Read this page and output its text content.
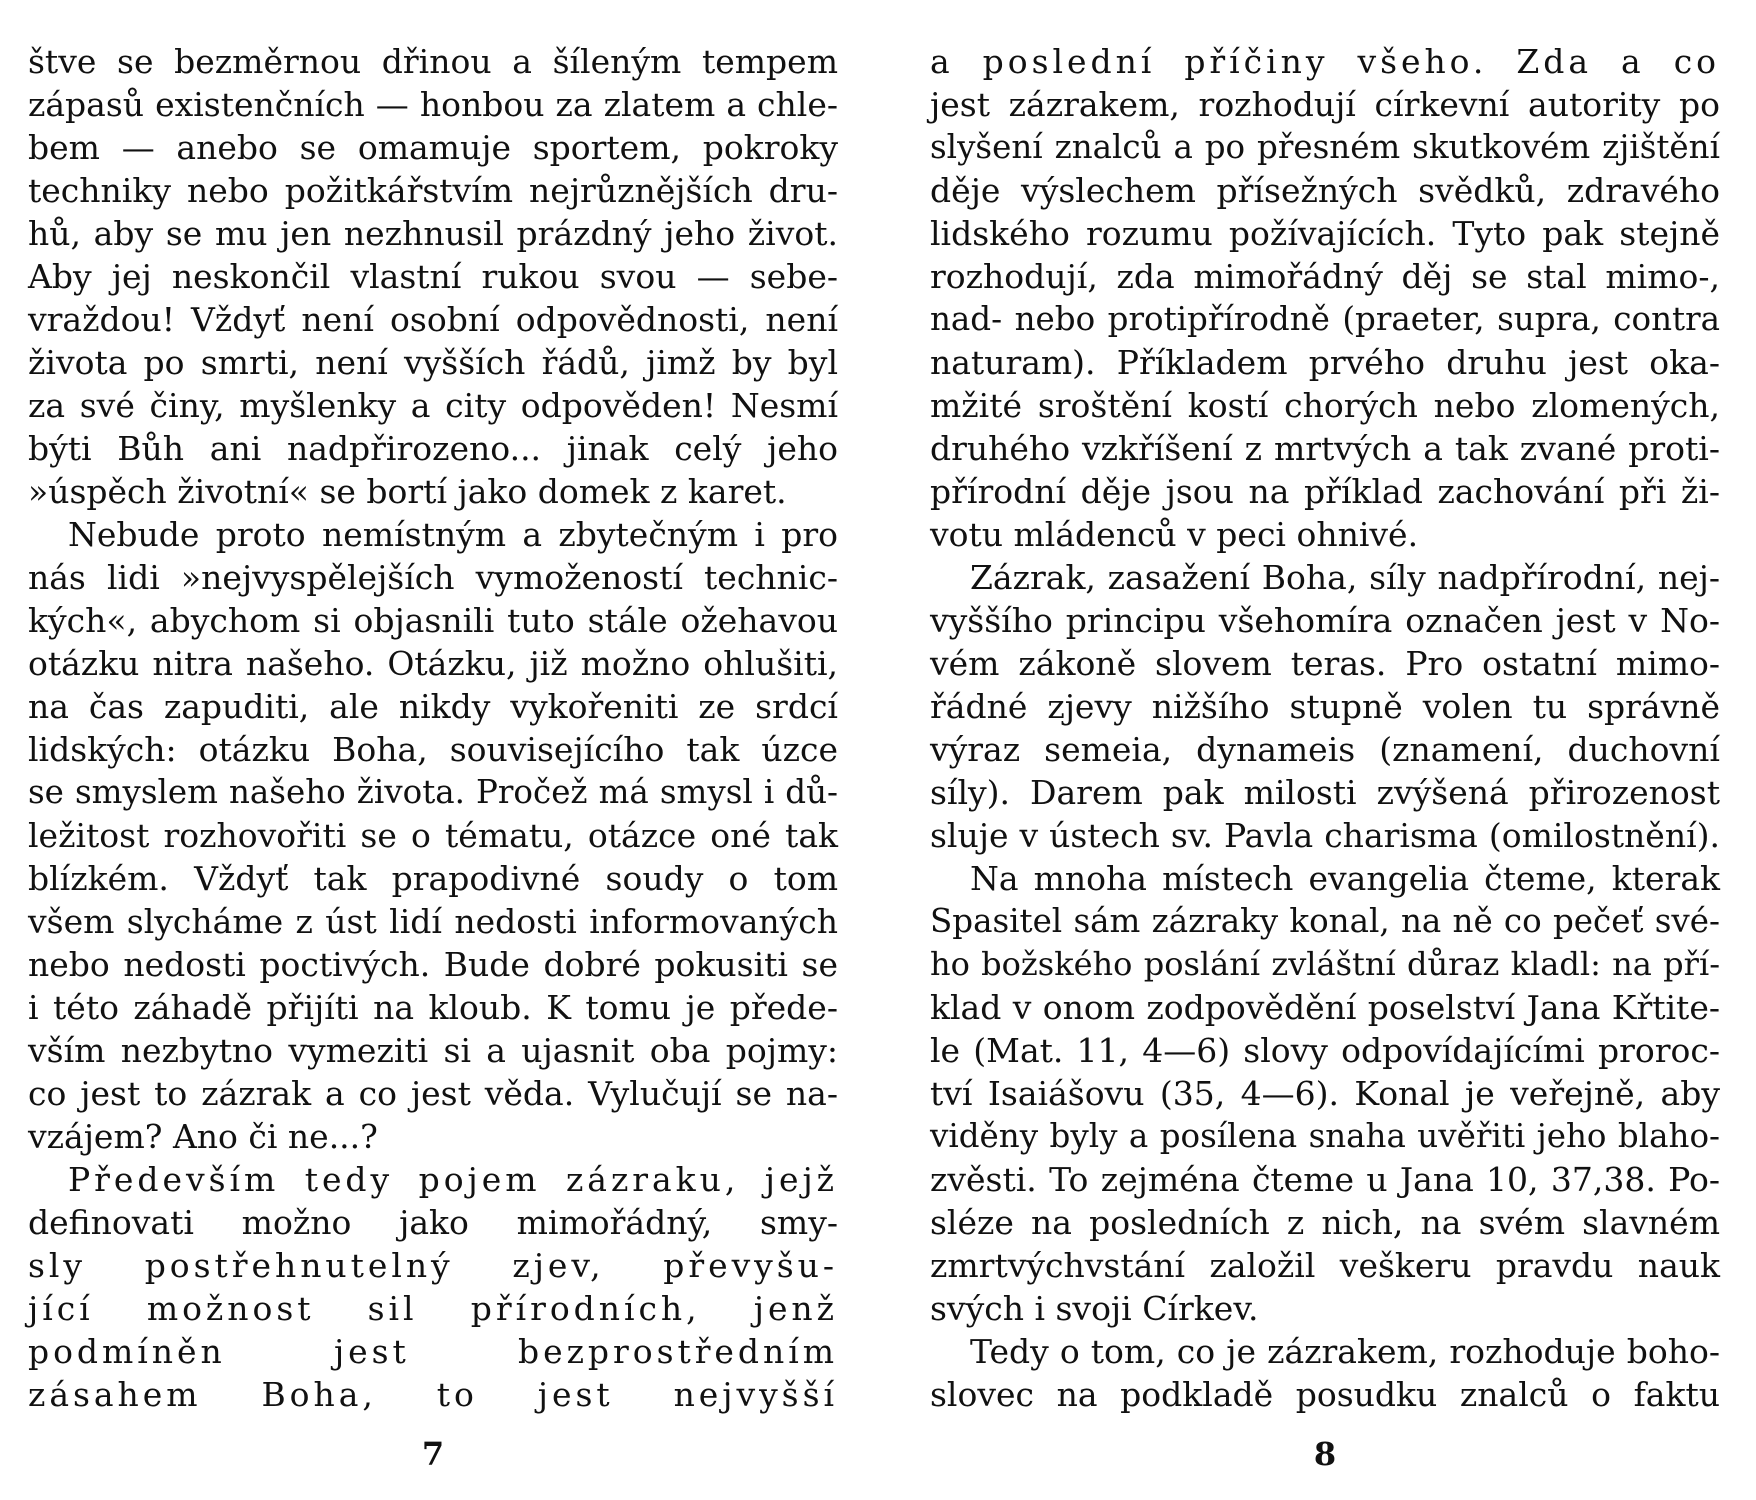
štve se bezměrnou dřinou a šíleným tempem
zápasů existenčních — honbou za zlatem a chle-
bem — anebo se omamuje sportem, pokroky
techniky nebo požitkářstvím nejrůznějších dru-
hů, aby se mu jen nezhnusil prázdný jeho život.
Aby jej neskončil vlastní rukou svou — sebe-
vraždou! Vždyť není osobní odpovědnosti, není
života po smrti, není vyšších řádů, jimž by byl
za své činy, myšlenky a city odpověden! Nesmí
býti Bůh ani nadpřirozeno... jinak celý jeho
»úspěch životní« se bortí jako domek z karet.
Nebude proto nemístným a zbytečným i pro
nás lidi »nejvyspělejších vymožeností technic-
kých«, abychom si objasnili tuto stále ožehavou
otázku nitra našeho. Otázku, již možno ohlušiti,
na čas zapuditi, ale nikdy vykořeniti ze srdcí
lidských: otázku Boha, souvisejícího tak úzce
se smyslem našeho života. Pročež má smysl i dů-
ležitost rozhovořiti se o tématu, otázce oné tak
blízkém. Vždyť tak prapodivné soudy o tom
všem slycháme z úst lidí nedosti informovaných
nebo nedosti poctivých. Bude dobré pokusiti se
i této záhadě přijíti na kloub. K tomu je přede-
vším nezbytno vymeziti si a ujasnit oba pojmy:
co jest to zázrak a co jest věda. Vylučují se na-
vzájem? Ano či ne...?
Především tedy pojem zázraku, jejž
definovati možno jako mimořádný, smy-
sly postřehnutelný zjev, převyšu-
jící možnost sil přírodních, jenž
podmíněn jest bezprostředním
zásahem Boha, to jest nejvyšší
7
a poslední příčiny všeho. Zda a co
jest zázrakem, rozhodují církevní autority po
slyšení znalců a po přesném skutkovém zjištění
děje výslechem přísežných svědků, zdravého
lidského rozumu požívajících. Tyto pak stejně
rozhodují, zda mimořádný děj se stal mimo-,
nad- nebo protipřírodně (praeter, supra, contra
naturam). Příkladem prvého druhu jest oka-
mžité sroštění kostí chorých nebo zlomených,
druhého vzkříšení z mrtvých a tak zvané proti-
přírodní děje jsou na příklad zachování při ži-
votu mládenců v peci ohnivé.
Zázrak, zasažení Boha, síly nadpřírodní, nej-
vyššího principu všehomíra označen jest v No-
vém zákoně slovem teras. Pro ostatní mimo-
řádné zjevy nižšího stupně volen tu správně
výraz semeia, dynameis (znamení, duchovní
síly). Darem pak milosti zvýšená přirozenost
sluje v ústech sv. Pavla charisma (omilostnění).
Na mnoha místech evangelia čteme, kterak
Spasitel sám zázraky konal, na ně co pečeť své-
ho božského poslání zvláštní důraz kladl: na pří-
klad v onom zodpovědění poselství Jana Křtite-
le (Mat. 11, 4—6) slovy odpovídajícími proroc-
tví Isaiášovu (35, 4—6). Konal je veřejně, aby
viděny byly a posílena snaha uvěřiti jeho blaho-
zvěsti. To zejména čteme u Jana 10, 37,38. Po-
sléze na posledních z nich, na svém slavném
zmrtvýchvstání založil veškeru pravdu nauk
svých i svoji Církev.
Tedy o tom, co je zázrakem, rozhoduje boho-
slovec na podkladě posudku znalců o faktu
8
